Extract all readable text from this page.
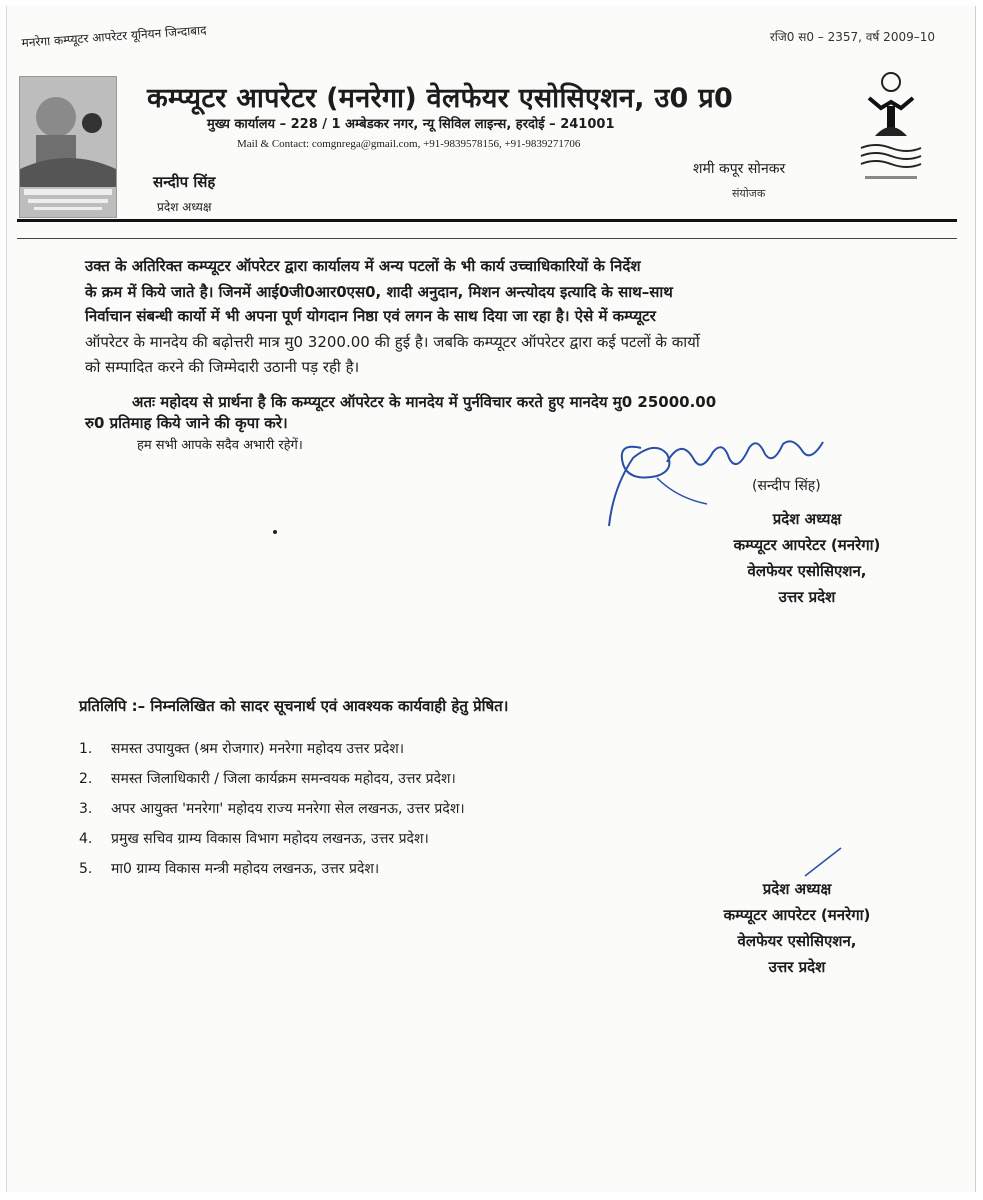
मनरेगा कम्प्यूटर आपरेटर यूनियन जिन्दाबाद	रजि0 स0 – 2357, वर्ष 2009–10
कम्प्यूटर आपरेटर (मनरेगा) वेलफेयर एसोसिएशन, उ0 प्र0
मुख्य कार्यालय – 228 / 1 अम्बेडकर नगर, न्यू सिविल लाइन्स, हरदोई – 241001
Mail & Contact: comgnrega@gmail.com, +91-9839578156, +91-9839271706
सन्दीप सिंह
प्रदेश अध्यक्ष
शमी कपूर सोनकर
संयोजक
उक्त के अतिरिक्त कम्प्यूटर ऑपरेटर द्वारा कार्यालय में अन्य पटलों के भी कार्य उच्चाधिकारियों के निर्देश
के क्रम में किये जाते है। जिनमें आई0जी0आर0एस0, शादी अनुदान, मिशन अन्त्योदय इत्यादि के साथ–साथ
निर्वाचान संबन्धी कार्यो में भी अपना पूर्ण योगदान निष्ठा एवं लगन के साथ दिया जा रहा है। ऐसे में कम्प्यूटर
ऑपरेटर के मानदेय की बढ़ोत्तरी मात्र मु0 3200.00 की हुई है। जबकि कम्प्यूटर ऑपरेटर द्वारा कई पटलों के कार्यो
को सम्पादित करने की जिम्मेदारी उठानी पड़ रही है।
अतः महोदय से प्रार्थना है कि कम्प्यूटर ऑपरेटर के मानदेय में पुर्नविचार करते हुए मानदेय मु0 25000.00
रु0 प्रतिमाह किये जाने की कृपा करे।
हम सभी आपके सदैव अभारी रहेगें।
(सन्दीप सिंह)
प्रदेश अध्यक्ष
कम्प्यूटर आपरेटर (मनरेगा)
वेलफेयर एसोसिएशन,
उत्तर प्रदेश
प्रतिलिपि :– निम्नलिखित को सादर सूचनार्थ एवं आवश्यक कार्यवाही हेतु प्रेषित।
1. समस्त उपायुक्त (श्रम रोजगार) मनरेगा महोदय उत्तर प्रदेश।
2. समस्त जिलाधिकारी / जिला कार्यक्रम समन्वयक महोदय, उत्तर प्रदेश।
3. अपर आयुक्त 'मनरेगा' महोदय राज्य मनरेगा सेल लखनऊ, उत्तर प्रदेश।
4. प्रमुख सचिव ग्राम्य विकास विभाग महोदय लखनऊ, उत्तर प्रदेश।
5. मा0 ग्राम्य विकास मन्त्री महोदय लखनऊ, उत्तर प्रदेश।
प्रदेश अध्यक्ष
कम्प्यूटर आपरेटर (मनरेगा)
वेलफेयर एसोसिएशन,
उत्तर प्रदेश
